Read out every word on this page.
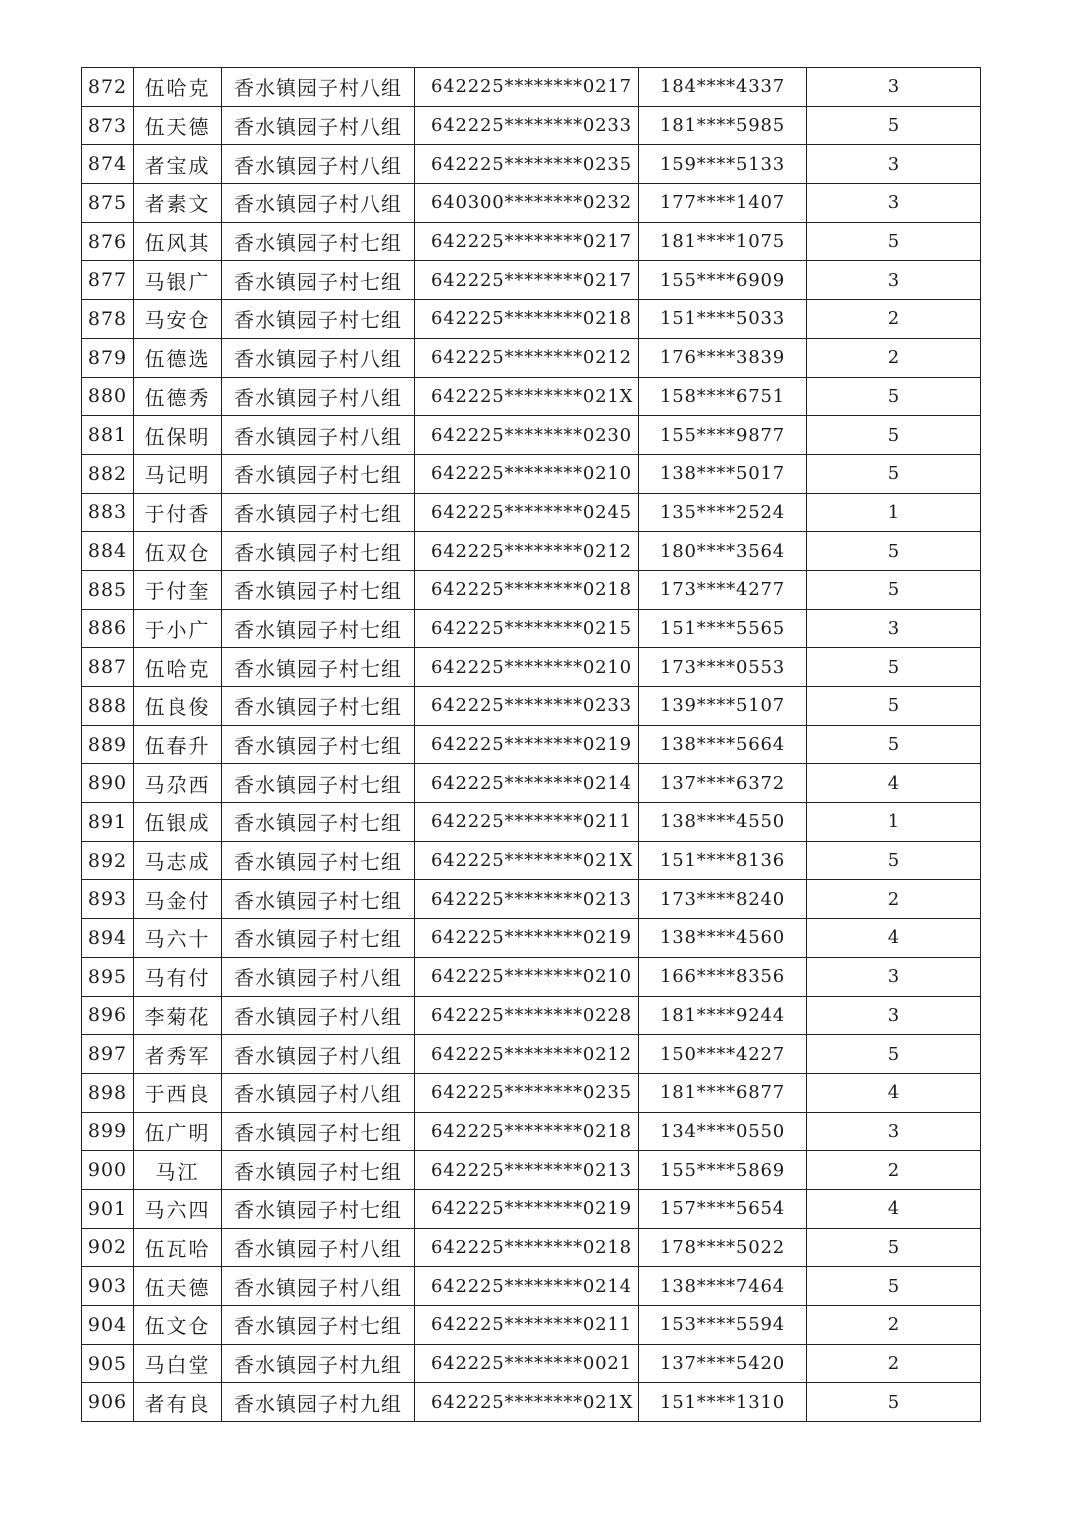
872	伍哈克	香水镇园子村八组	642225********0217	184****4337	3
873	伍天德	香水镇园子村八组	642225********0233	181****5985	5
874	者宝成	香水镇园子村八组	642225********0235	159****5133	3
875	者素文	香水镇园子村八组	640300********0232	177****1407	3
876	伍风其	香水镇园子村七组	642225********0217	181****1075	5
877	马银广	香水镇园子村七组	642225********0217	155****6909	3
878	马安仓	香水镇园子村七组	642225********0218	151****5033	2
879	伍德选	香水镇园子村八组	642225********0212	176****3839	2
880	伍德秀	香水镇园子村八组	642225********021X	158****6751	5
881	伍保明	香水镇园子村八组	642225********0230	155****9877	5
882	马记明	香水镇园子村七组	642225********0210	138****5017	5
883	于付香	香水镇园子村七组	642225********0245	135****2524	1
884	伍双仓	香水镇园子村七组	642225********0212	180****3564	5
885	于付奎	香水镇园子村七组	642225********0218	173****4277	5
886	于小广	香水镇园子村七组	642225********0215	151****5565	3
887	伍哈克	香水镇园子村七组	642225********0210	173****0553	5
888	伍良俊	香水镇园子村七组	642225********0233	139****5107	5
889	伍春升	香水镇园子村七组	642225********0219	138****5664	5
890	马尕西	香水镇园子村七组	642225********0214	137****6372	4
891	伍银成	香水镇园子村七组	642225********0211	138****4550	1
892	马志成	香水镇园子村七组	642225********021X	151****8136	5
893	马金付	香水镇园子村七组	642225********0213	173****8240	2
894	马六十	香水镇园子村七组	642225********0219	138****4560	4
895	马有付	香水镇园子村八组	642225********0210	166****8356	3
896	李菊花	香水镇园子村八组	642225********0228	181****9244	3
897	者秀军	香水镇园子村八组	642225********0212	150****4227	5
898	于西良	香水镇园子村八组	642225********0235	181****6877	4
899	伍广明	香水镇园子村七组	642225********0218	134****0550	3
900	马江	香水镇园子村七组	642225********0213	155****5869	2
901	马六四	香水镇园子村七组	642225********0219	157****5654	4
902	伍瓦哈	香水镇园子村八组	642225********0218	178****5022	5
903	伍天德	香水镇园子村八组	642225********0214	138****7464	5
904	伍文仓	香水镇园子村七组	642225********0211	153****5594	2
905	马白堂	香水镇园子村九组	642225********0021	137****5420	2
906	者有良	香水镇园子村九组	642225********021X	151****1310	5
